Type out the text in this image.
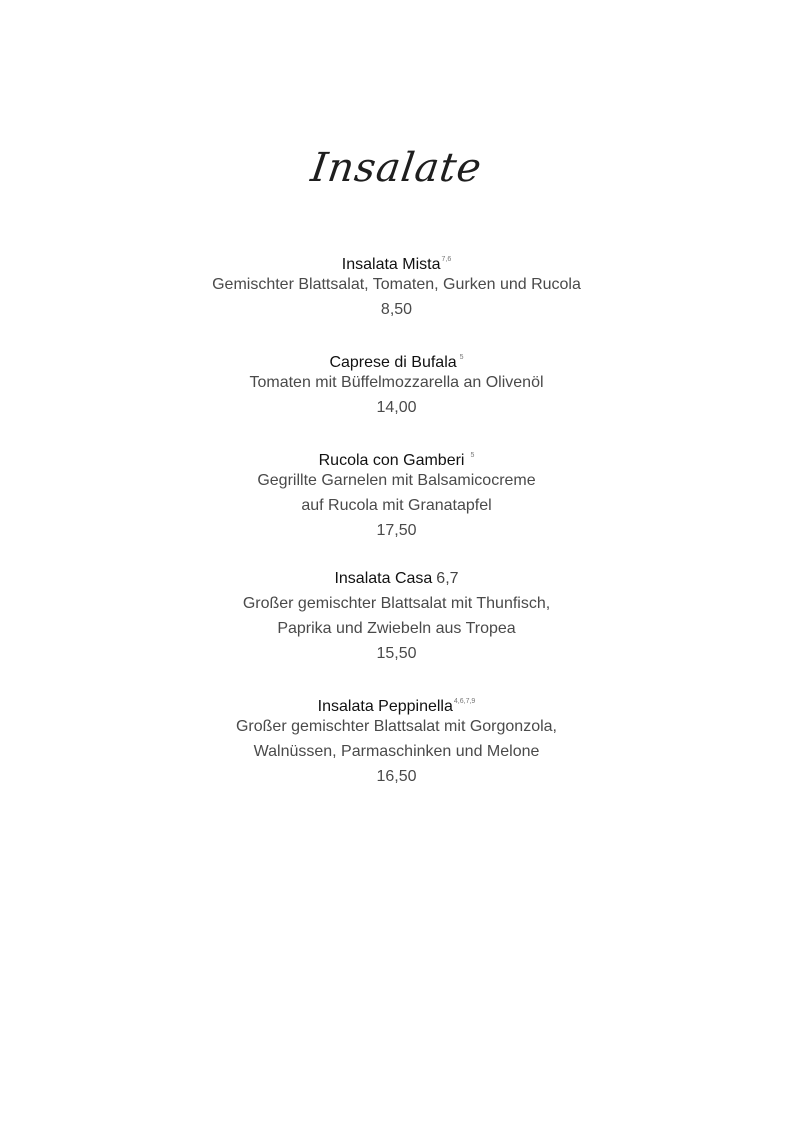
Insalate
Insalata Mista$^{7,6}$
Gemischter Blattsalat, Tomaten, Gurken und Rucola
8,50
Caprese di Bufala $^5$
Tomaten mit Büffelmozzarella an Olivenöl
14,00
Rucola con Gamberi $^5$
Gegrillte Garnelen mit Balsamicocreme
auf Rucola mit Granatapfel
17,50
Insalata Casa 6,7
Großer gemischter Blattsalat mit Thunfisch,
Paprika und Zwiebeln aus Tropea
15,50
Insalata Peppinella$^{4,6,7,9}$
Großer gemischter Blattsalat mit Gorgonzola,
Walnüssen, Parmaschinken und Melone
16,50
